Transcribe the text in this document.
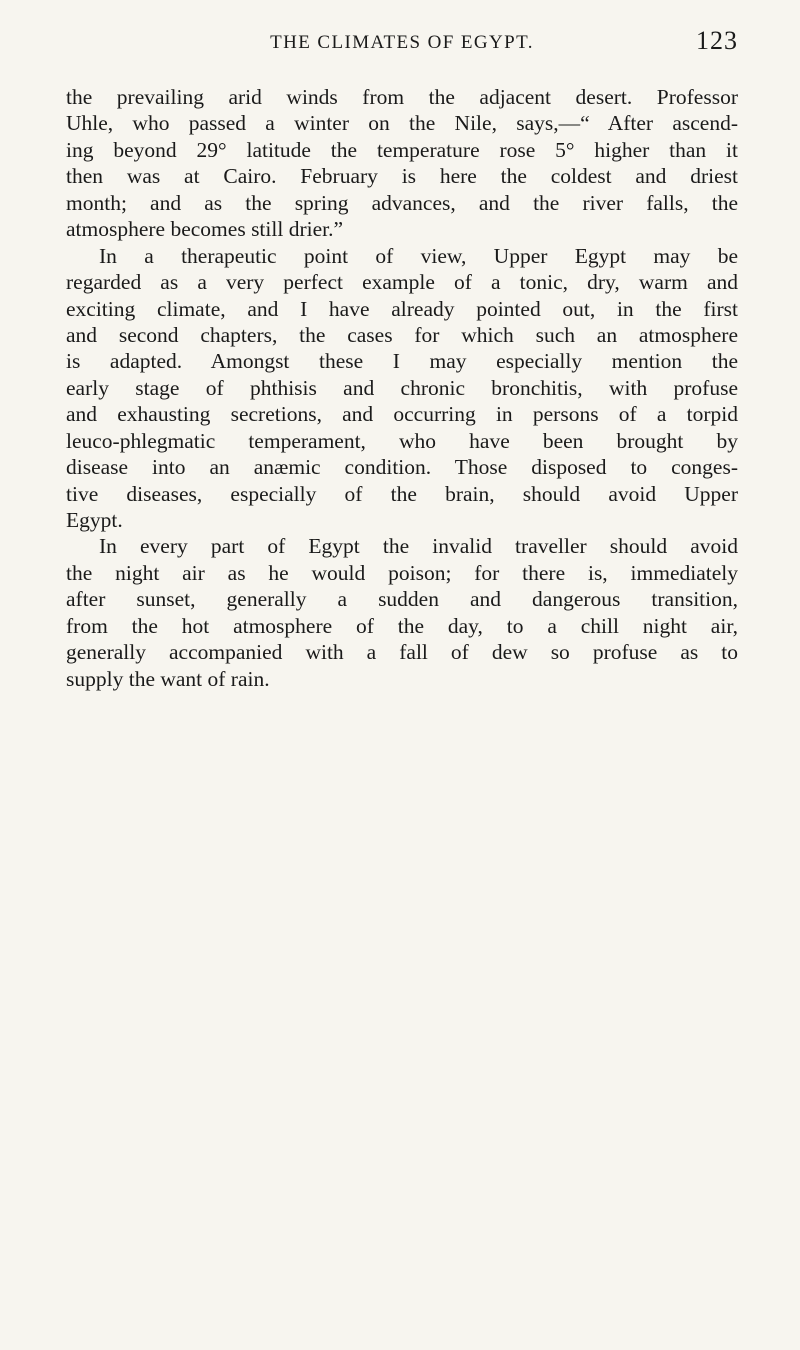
THE CLIMATES OF EGYPT.	123
the prevailing arid winds from the adjacent desert. Professor
Uhle, who passed a winter on the Nile, says,—“ After ascend-
ing beyond 29° latitude the temperature rose 5° higher than it
then was at Cairo. February is here the coldest and driest
month; and as the spring advances, and the river falls, the
atmosphere becomes still drier.”
In a therapeutic point of view, Upper Egypt may be
regarded as a very perfect example of a tonic, dry, warm and
exciting climate, and I have already pointed out, in the first
and second chapters, the cases for which such an atmosphere
is adapted. Amongst these I may especially mention the
early stage of phthisis and chronic bronchitis, with profuse
and exhausting secretions, and occurring in persons of a torpid
leuco-phlegmatic temperament, who have been brought by
disease into an anæmic condition. Those disposed to conges-
tive diseases, especially of the brain, should avoid Upper
Egypt.
In every part of Egypt the invalid traveller should avoid
the night air as he would poison; for there is, immediately
after sunset, generally a sudden and dangerous transition,
from the hot atmosphere of the day, to a chill night air,
generally accompanied with a fall of dew so profuse as to
supply the want of rain.
